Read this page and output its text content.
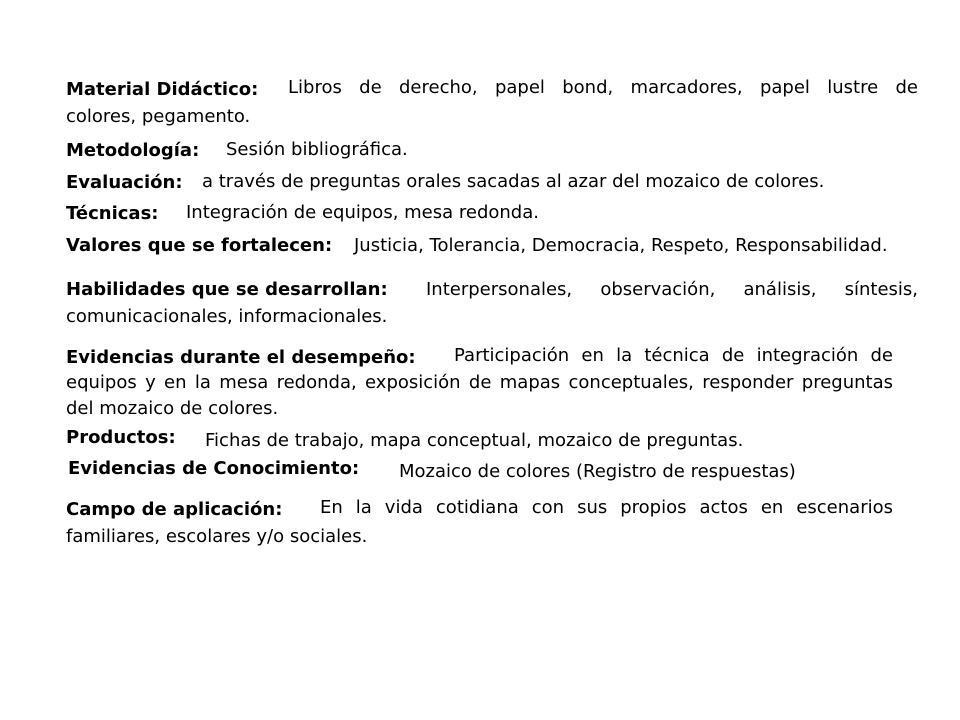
Material Didáctico: Libros de derecho, papel bond, marcadores, papel lustre de
colores, pegamento.
Metodología: Sesión bibliográfica.
Evaluación: a través de preguntas orales sacadas al azar del mozaico de colores.
Técnicas: Integración de equipos, mesa redonda.
Valores que se fortalecen: Justicia, Tolerancia, Democracia, Respeto, Responsabilidad.
Habilidades que se desarrollan: Interpersonales, observación, análisis, síntesis,
comunicacionales, informacionales.
Evidencias durante el desempeño: Participación en la técnica de integración de
equipos y en la mesa redonda, exposición de mapas conceptuales, responder preguntas
del mozaico de colores.
Productos: Fichas de trabajo, mapa conceptual, mozaico de preguntas.
Evidencias de Conocimiento: Mozaico de colores (Registro de respuestas)
Campo de aplicación: En la vida cotidiana con sus propios actos en escenarios
familiares, escolares y/o sociales.
